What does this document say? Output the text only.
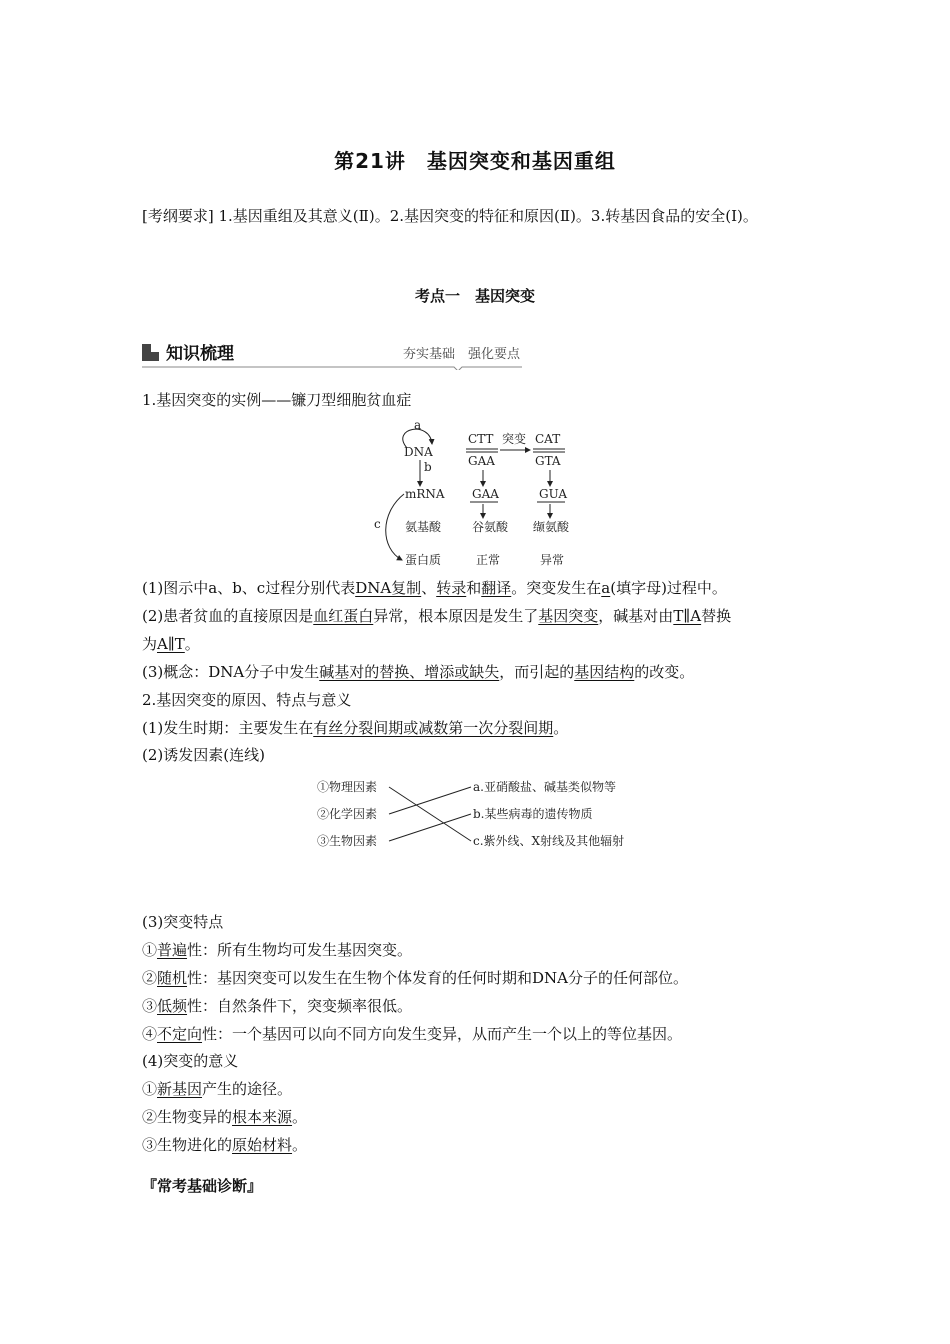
第21讲　基因突变和基因重组
[考纲要求] 1.基因重组及其意义(Ⅱ)。2.基因突变的特征和原因(Ⅱ)。3.转基因食品的安全(Ⅰ)。
考点一　基因突变
知识梳理	夯实基础　强化要点
1.基因突变的实例——镰刀型细胞贫血症
a
DNA
b
mRNA
氨基酸
蛋白质
c
CTT
GAA
GAA
谷氨酸
正常
突变 CAT
GTA
GUA
缬氨酸
异常
(1)图示中a、b、c过程分别代表DNA复制、转录和翻译。突变发生在a(填字母)过程中。
(2)患者贫血的直接原因是血红蛋白异常，根本原因是发生了基因突变，碱基对由T∥A替换
为A∥T。
(3)概念：DNA分子中发生碱基对的替换、增添或缺失，而引起的基因结构的改变。
2.基因突变的原因、特点与意义
(1)发生时期：主要发生在有丝分裂间期或减数第一次分裂间期。
(2)诱发因素(连线)
①物理因素
②化学因素
③生物因素
a.亚硝酸盐、碱基类似物等
b.某些病毒的遗传物质
c.紫外线、X射线及其他辐射
(3)突变特点
①普遍性：所有生物均可发生基因突变。
②随机性：基因突变可以发生在生物个体发育的任何时期和DNA分子的任何部位。
③低频性：自然条件下，突变频率很低。
④不定向性：一个基因可以向不同方向发生变异，从而产生一个以上的等位基因。
(4)突变的意义
①新基因产生的途径。
②生物变异的根本来源。
③生物进化的原始材料。
『常考基础诊断』
